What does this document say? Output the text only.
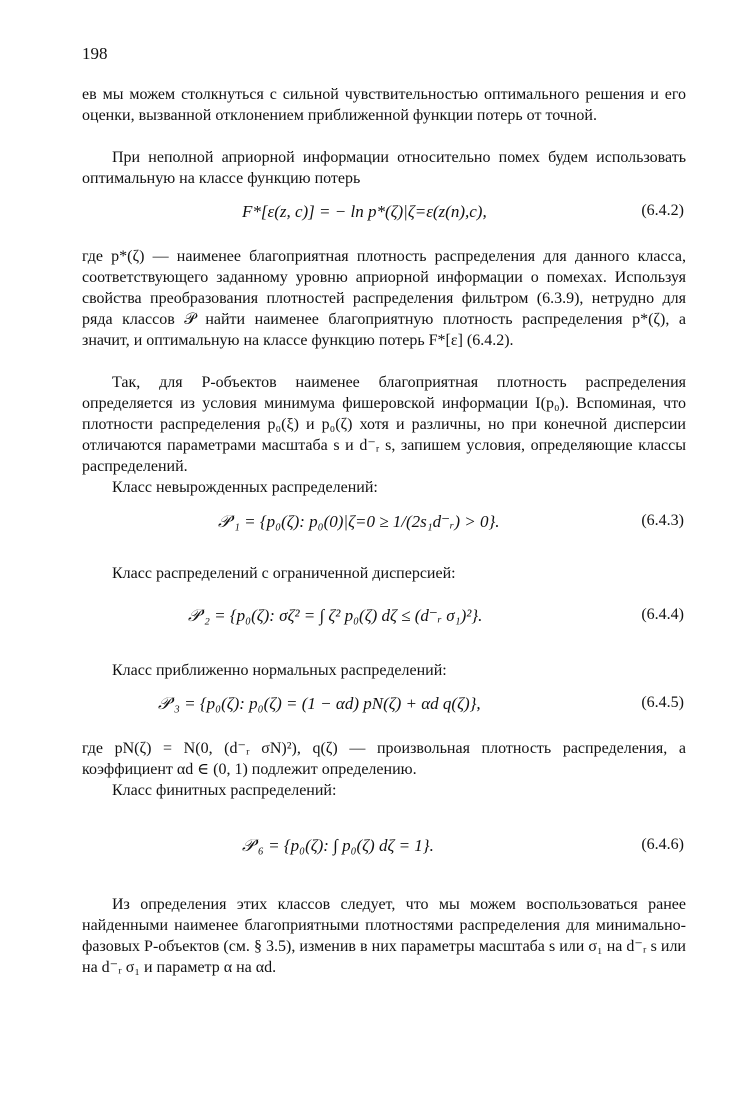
198

ев мы можем столкнуться с сильной чувствительностью оптимального решения и его оценки, вызванной отклонением приближенной функции потерь от точной.

При неполной априорной информации относительно помех будем использовать оптимальную на классе функцию потерь

F*[ε(z, c)] = − ln p*(ζ)|ζ=ε(z(n),c),	(6.4.2)

где p*(ζ) — наименее благоприятная плотность распределения для данного класса, соответствующего заданному уровню априорной информации о помехах. Используя свойства преобразования плотностей распределения фильтром (6.3.9), нетрудно для ряда классов 𝒫 найти наименее благоприятную плотность распределения p*(ζ), а значит, и оптимальную на классе функцию потерь F*[ε] (6.4.2).

Так, для P-объектов наименее благоприятная плотность распределения определяется из условия минимума фишеровской информации I(p₀). Вспоминая, что плотности распределения p₀(ξ) и p₀(ζ) хотя и различны, но при конечной дисперсии отличаются параметрами масштаба s и d⁻ᵣ s, запишем условия, определяющие классы распределений.

Класс невырожденных распределений:

𝒫′₁ = {p₀(ζ): p₀(0)|ζ=0 ≥ 1/(2s₁d⁻ᵣ) > 0}.	(6.4.3)

Класс распределений с ограниченной дисперсией:

𝒫′₂ = {p₀(ζ): σζ² = ∫ ζ² p₀(ζ) dζ ≤ (d⁻ᵣ σ₁)²}.	(6.4.4)

Класс приближенно нормальных распределений:

𝒫′₃ = {p₀(ζ): p₀(ζ) = (1 − αd) pN(ζ) + αd q(ζ)},	(6.4.5)

где pN(ζ) = N(0, (d⁻ᵣ σN)²), q(ζ) — произвольная плотность распределения, а коэффициент αd ∈ (0, 1) подлежит определению.

Класс финитных распределений:

𝒫′₆ = {p₀(ζ): ∫ p₀(ζ) dζ = 1}.	(6.4.6)

Из определения этих классов следует, что мы можем воспользоваться ранее найденными наименее благоприятными плотностями распределения для минимально-фазовых P-объектов (см. § 3.5), изменив в них параметры масштаба s или σ₁ на d⁻ᵣ s или на d⁻ᵣ σ₁ и параметр α на αd.
